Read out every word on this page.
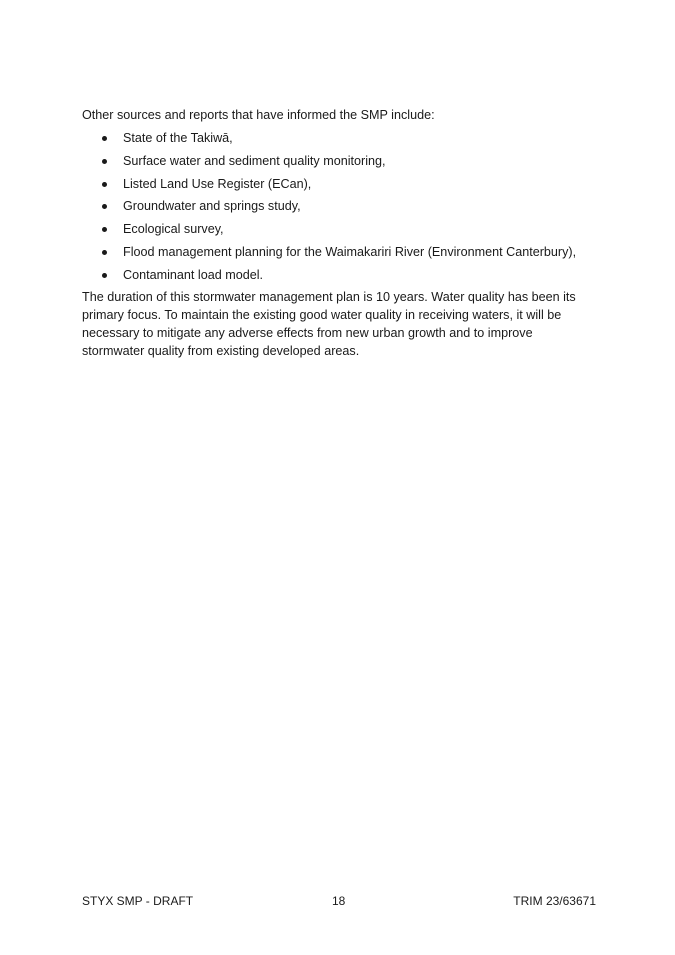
Other sources and reports that have informed the SMP include:

State of the Takiwā,
Surface water and sediment quality monitoring,
Listed Land Use Register (ECan),
Groundwater and springs study,
Ecological survey,
Flood management planning for the Waimakariri River (Environment Canterbury),
Contaminant load model.

The duration of this stormwater management plan is 10 years. Water quality has been its primary focus. To maintain the existing good water quality in receiving waters, it will be necessary to mitigate any adverse effects from new urban growth and to improve stormwater quality from existing developed areas.

STYX SMP - DRAFT	18	TRIM 23/63671
